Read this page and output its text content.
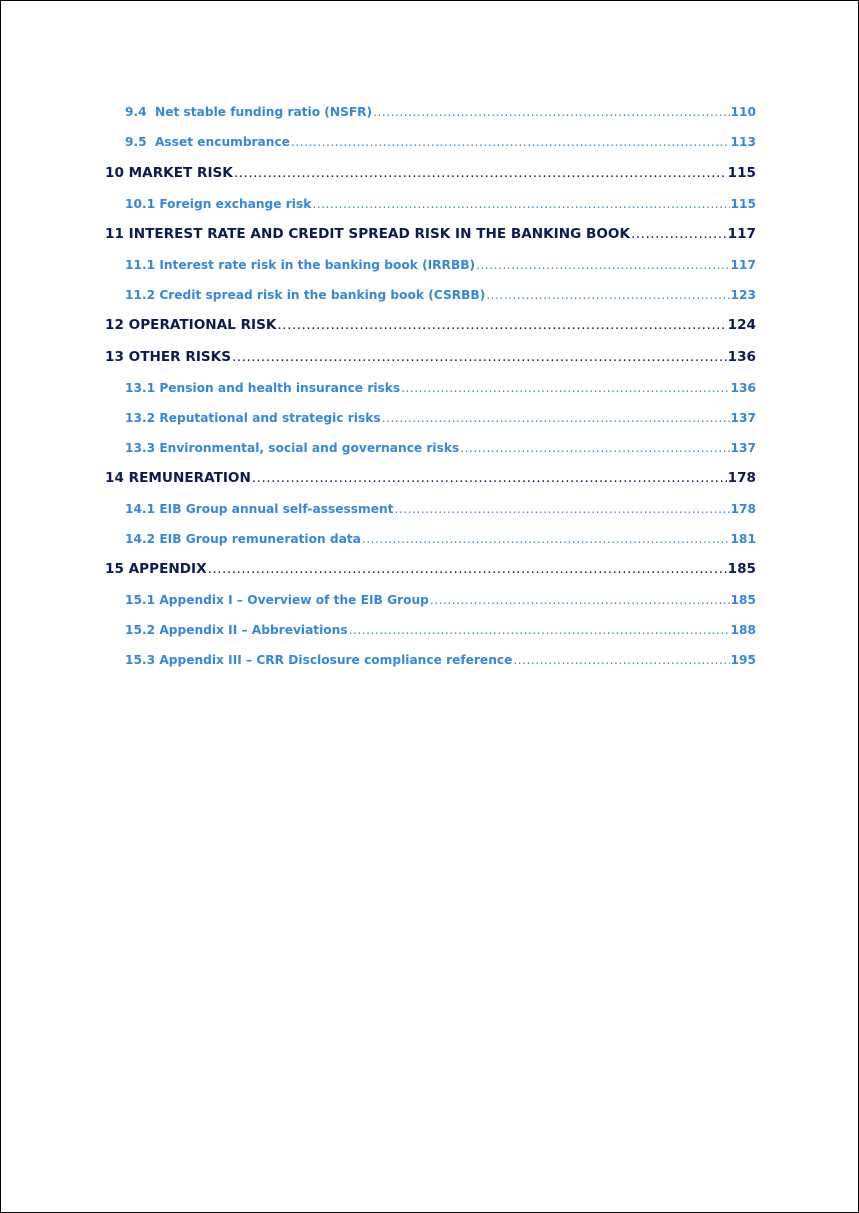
9.4 Net stable funding ratio (NSFR) .....	110
9.5 Asset encumbrance .....	113
10 MARKET RISK .....	115
10.1 Foreign exchange risk .....	115
11 INTEREST RATE AND CREDIT SPREAD RISK IN THE BANKING BOOK .....	117
11.1 Interest rate risk in the banking book (IRRBB) .....	117
11.2 Credit spread risk in the banking book (CSRBB) .....	123
12 OPERATIONAL RISK .....	124
13 OTHER RISKS .....	136
13.1 Pension and health insurance risks .....	136
13.2 Reputational and strategic risks .....	137
13.3 Environmental, social and governance risks .....	137
14 REMUNERATION .....	178
14.1 EIB Group annual self-assessment .....	178
14.2 EIB Group remuneration data .....	181
15 APPENDIX .....	185
15.1 Appendix I – Overview of the EIB Group .....	185
15.2 Appendix II – Abbreviations .....	188
15.3 Appendix III – CRR Disclosure compliance reference .....	195
